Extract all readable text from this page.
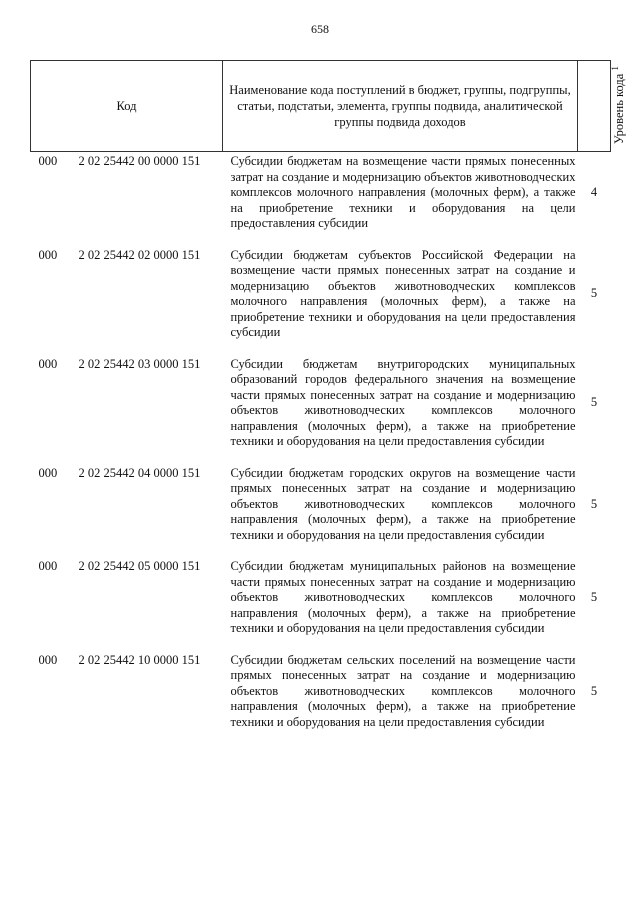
658
Код	Наименование кода поступлений в бюджет, группы, подгруппы, статьи, подстатьи, элемента, группы подвида, аналитической группы подвида доходов	Уровень кода $^1$
000 2 02 25442 00 0000 151	Субсидии бюджетам на возмещение части прямых понесенных затрат на создание и модернизацию объектов животноводческих комплексов молочного направления (молочных ферм), а также на приобретение техники и оборудования на цели предоставления субсидии	4
000 2 02 25442 02 0000 151	Субсидии бюджетам субъектов Российской Федерации на возмещение части прямых понесенных затрат на создание и модернизацию объектов животноводческих комплексов молочного направления (молочных ферм), а также на приобретение техники и оборудования на цели предоставления субсидии	5
000 2 02 25442 03 0000 151	Субсидии бюджетам внутригородских муниципальных образований городов федерального значения на возмещение части прямых понесенных затрат на создание и модернизацию объектов животноводческих комплексов молочного направления (молочных ферм), а также на приобретение техники и оборудования на цели предоставления субсидии	5
000 2 02 25442 04 0000 151	Субсидии бюджетам городских округов на возмещение части прямых понесенных затрат на создание и модернизацию объектов животноводческих комплексов молочного направления (молочных ферм), а также на приобретение техники и оборудования на цели предоставления субсидии	5
000 2 02 25442 05 0000 151	Субсидии бюджетам муниципальных районов на возмещение части прямых понесенных затрат на создание и модернизацию объектов животноводческих комплексов молочного направления (молочных ферм), а также на приобретение техники и оборудования на цели предоставления субсидии	5
000 2 02 25442 10 0000 151	Субсидии бюджетам сельских поселений на возмещение части прямых понесенных затрат на создание и модернизацию объектов животноводческих комплексов молочного направления (молочных ферм), а также на приобретение техники и оборудования на цели предоставления субсидии	5
